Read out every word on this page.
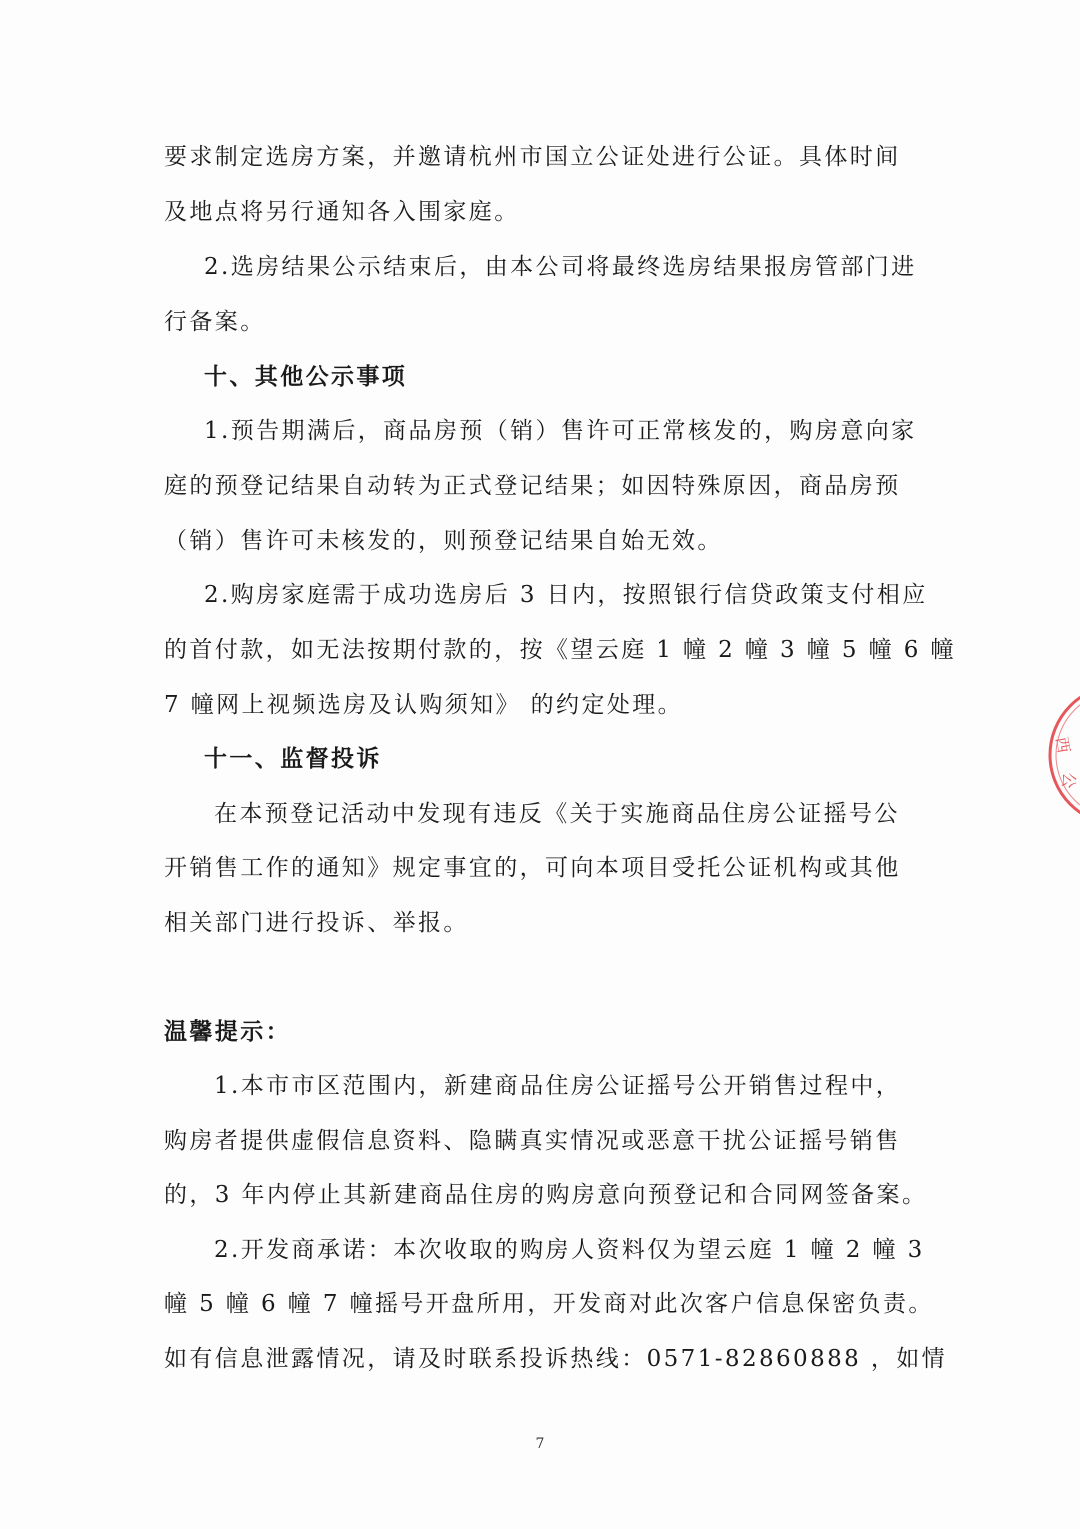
要求制定选房方案，并邀请杭州市国立公证处进行公证。具体时间
及地点将另行通知各入围家庭。
2.选房结果公示结束后，由本公司将最终选房结果报房管部门进
行备案。
十、其他公示事项
1.预告期满后，商品房预（销）售许可正常核发的，购房意向家
庭的预登记结果自动转为正式登记结果；如因特殊原因，商品房预
（销）售许可未核发的，则预登记结果自始无效。
2.购房家庭需于成功选房后 3 日内，按照银行信贷政策支付相应
的首付款，如无法按期付款的，按《望云庭 1 幢 2 幢 3 幢 5 幢 6 幢
7 幢网上视频选房及认购须知》 的约定处理。
十一、监督投诉
在本预登记活动中发现有违反《关于实施商品住房公证摇号公
开销售工作的通知》规定事宜的，可向本项目受托公证机构或其他
相关部门进行投诉、举报。
温馨提示：
1.本市市区范围内，新建商品住房公证摇号公开销售过程中，
购房者提供虚假信息资料、隐瞒真实情况或恶意干扰公证摇号销售
的，3 年内停止其新建商品住房的购房意向预登记和合同网签备案。
2.开发商承诺：本次收取的购房人资料仅为望云庭 1 幢 2 幢 3
幢 5 幢 6 幢 7 幢摇号开盘所用，开发商对此次客户信息保密负责。
如有信息泄露情况，请及时联系投诉热线：0571-82860888 ，如情
7
西
公
